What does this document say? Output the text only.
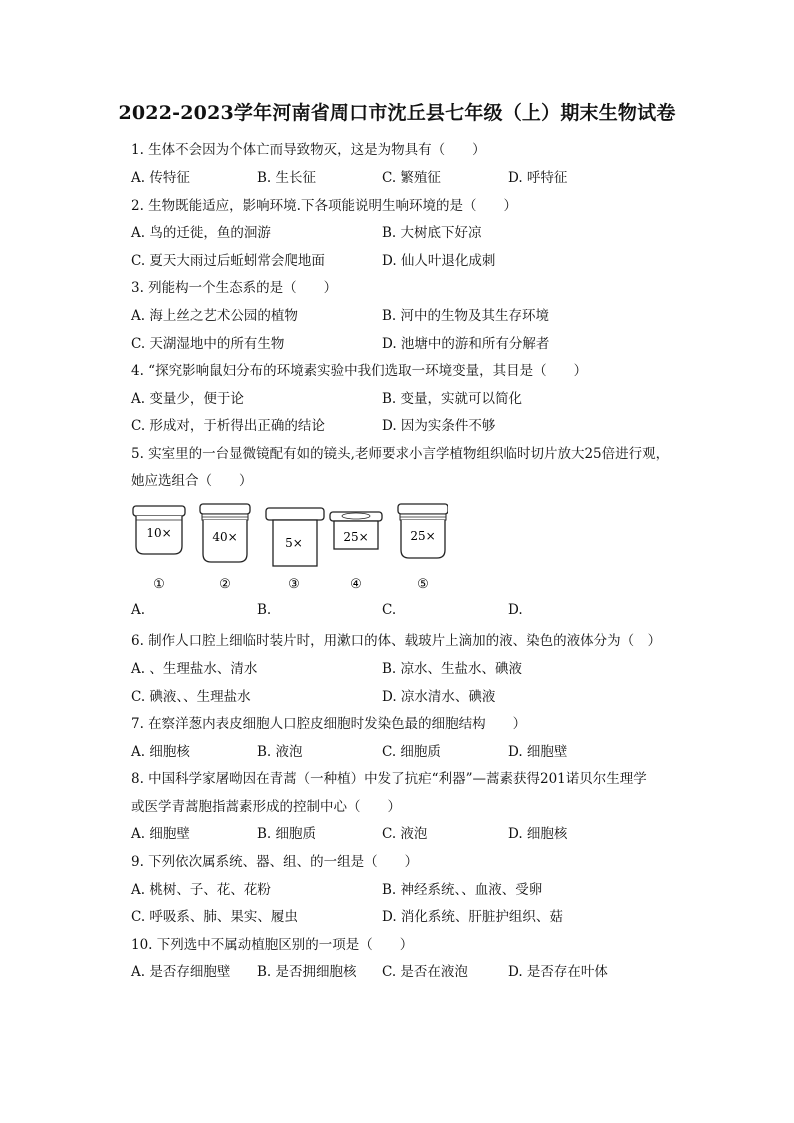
2022-2023学年河南省周口市沈丘县七年级（上）期末生物试卷
1. 生体不会因为个体亡而导致物灭，这是为物具有（　　）
A. 传特征	B. 生长征	C. 繁殖征	D. 呼特征
2. 生物既能适应，影响环境.下各项能说明生响环境的是（　　）
A. 鸟的迁徙，鱼的洄游	B. 大树底下好凉
C. 夏天大雨过后蚯蚓常会爬地面	D. 仙人叶退化成刺
3. 列能构一个生态系的是（　　）
A. 海上丝之艺术公园的植物	B. 河中的生物及其生存环境
C. 天湖湿地中的所有生物	D. 池塘中的游和所有分解者
4. “探究影响鼠妇分布的环境素实验中我们选取一环境变量，其目是（　　）
A. 变量少，便于论	B. 变量，实就可以简化
C. 形成对，于析得出正确的结论	D. 因为实条件不够
5. 实室里的一台显微镜配有如的镜头,老师要求小言学植物组织临时切片放大25倍进行观，
她应选组合（　　）
10×
①
40×
②
5×
③
25×
④
25×
⑤
A.	B.	C.	D.
6. 制作人口腔上细临时装片时，用漱口的体、载玻片上滴加的液、染色的液体分为（　）
A. 、生理盐水、清水	B. 凉水、生盐水、碘液
C. 碘液、、生理盐水	D. 凉水清水、碘液
7. 在察洋葱内表皮细胞人口腔皮细胞时发染色最的细胞结构　　）
A. 细胞核	B. 液泡	C. 细胞质	D. 细胞壁
8. 中国科学家屠呦因在青蒿（一种植）中发了抗疟“利器”—蒿素获得201诺贝尔生理学
或医学青蒿胞指蒿素形成的控制中心（　　）
A. 细胞壁	B. 细胞质	C. 液泡	D. 细胞核
9. 下列依次属系统、器、组、的一组是（　　）
A. 桃树、子、花、花粉	B. 神经系统、、血液、受卵
C. 呼吸系、肺、果实、履虫	D. 消化系统、肝脏护组织、菇
10. 下列选中不属动植胞区别的一项是（　　）
A. 是否存细胞壁 B. 是否拥细胞核 C. 是否在液泡	D. 是否存在叶体
